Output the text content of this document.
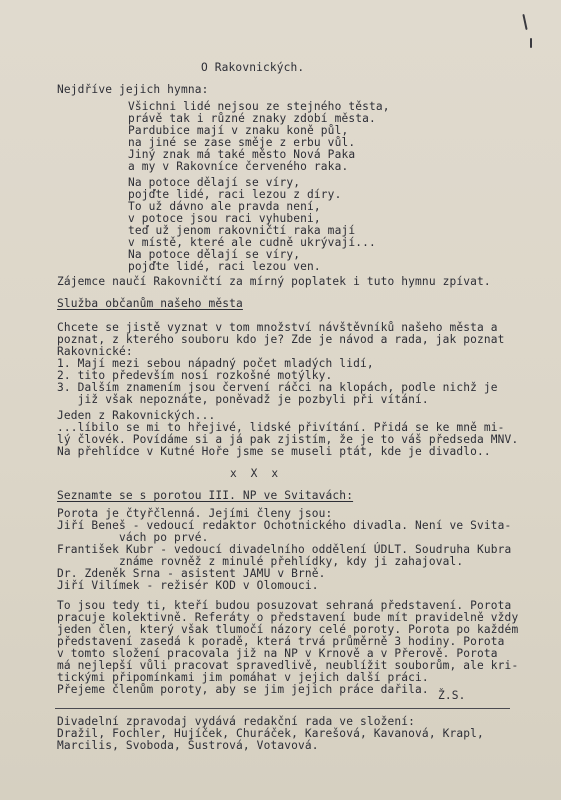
O Rakovnických.
Nejdříve jejich hymna:
Všichni lidé nejsou ze stejného těsta,
právě tak i různé znaky zdobí města.
Pardubice mají v znaku koně půl,
na jiné se zase směje z erbu vůl.
Jiný znak má také město Nová Paka
a my v Rakovníce červeného raka.
Na potoce dělají se víry,
pojďte lidé, raci lezou z díry.
To už dávno ale pravda není,
v potoce jsou raci vyhubeni,
teď už jenom rakovničtí raka mají
v místě, které ale cudně ukrývají...
Na potoce dělají se víry,
pojďte lidé, raci lezou ven.
Zájemce naučí Rakovničtí za mírný poplatek i tuto hymnu zpívat.
Služba občanům našeho města
Chcete se jistě vyznat v tom množství návštěvníků našeho města a
poznat, z kterého souboru kdo je? Zde je návod a rada, jak poznat
Rakovnické:
1. Mají mezi sebou nápadný počet mladých lidí,
2. tito především nosí rozkošné motýlky.
3. Dalším znamením jsou červení ráčci na klopách, podle nichž je
již však nepoznáte, poněvadž je pozbyli při vítání.
Jeden z Rakovnických...
...líbilo se mi to hřejivé, lidské přivítání. Přidá se ke mně mi-
lý človék. Povídáme si a já pak zjistím, že je to váš předseda MNV.
Na přehlídce v Kutné Hoře jsme se museli ptát, kde je divadlo..
x  X  x
Seznamte se s porotou III. NP ve Svitavách:
Porota je čtyřčlenná. Jejími členy jsou:
Jiří Beneš - vedoucí redaktor Ochotnického divadla. Není ve Svita-
vách po prvé.
František Kubr - vedoucí divadelního oddělení ÚDLT. Soudruha Kubra
známe rovněž z minulé přehlídky, kdy ji zahajoval.
Dr. Zdeněk Srna - asistent JAMU v Brně.
Jiří Vilímek - režisér KOD v Olomouci.
To jsou tedy ti, kteří budou posuzovat sehraná představení. Porota
pracuje kolektivně. Referáty o představení bude mít pravidelně vždy
jeden člen, který však tlumočí názory celé poroty. Porota po každém
představení zasedá k poradě, která trvá průměrně 3 hodiny. Porota
v tomto složení pracovala již na NP v Krnově a v Přerově. Porota
má nejlepší vůli pracovat spravedlivě, neublížit souborům, ale kri-
tickými připomínkami jim pomáhat v jejich další práci.
Přejeme členům poroty, aby se jim jejich práce dařila. Ž.S.
Divadelní zpravodaj vydává redakční rada ve složení:
Dražil, Fochler, Hujíček, Churáček, Karešová, Kavanová, Krapl,
Marcilis, Svoboda, Šustrová, Votavová.
